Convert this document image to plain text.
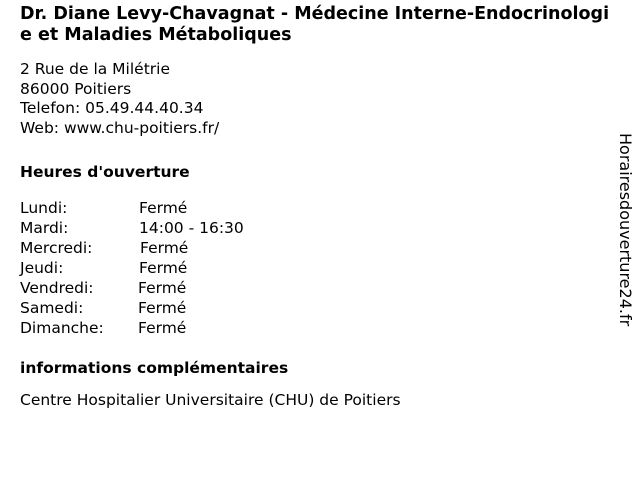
Dr. Diane Levy-Chavagnat - Médecine Interne-Endocrinologie et Maladies Métaboliques
2 Rue de la Milétrie
86000 Poitiers
Telefon: 05.49.44.40.34
Web: www.chu-poitiers.fr/
Heures d'ouverture
Lundi:	Fermé
Mardi:	14:00 - 16:30
Mercredi:	Fermé
Jeudi:	Fermé
Vendredi:	Fermé
Samedi:	Fermé
Dimanche: Fermé
informations complémentaires
Centre Hospitalier Universitaire (CHU) de Poitiers
Horairesdouverture24.fr
